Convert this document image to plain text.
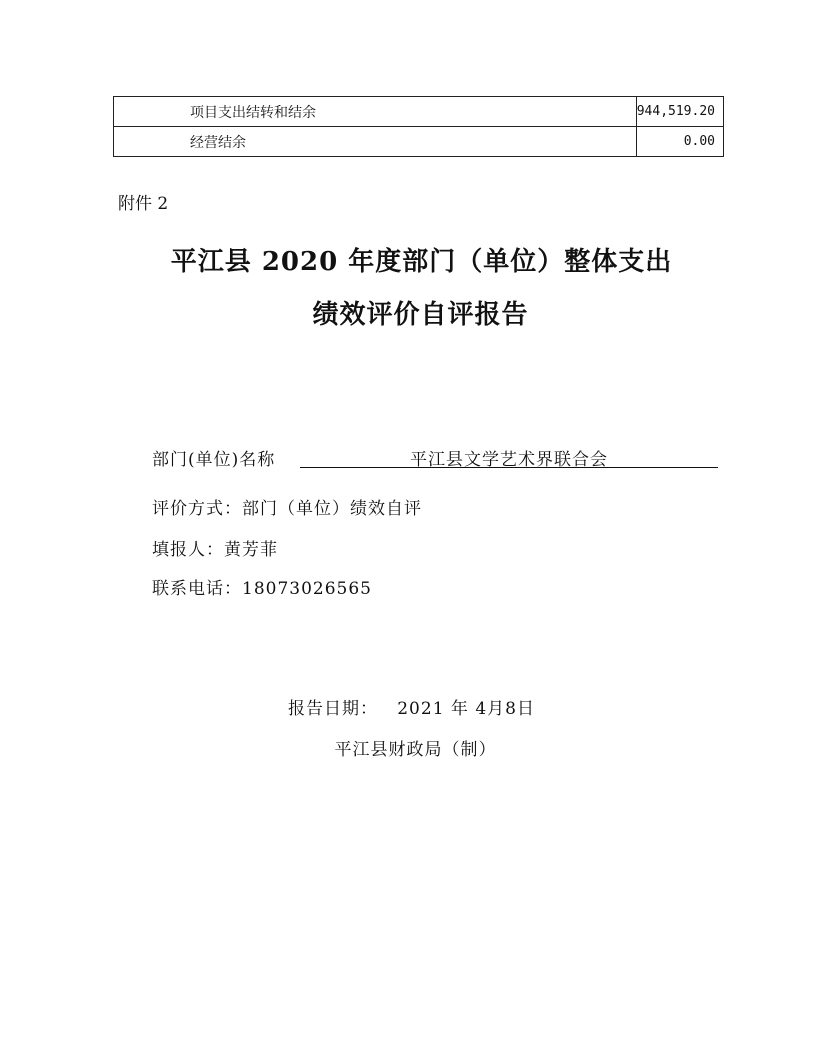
项目支出结转和结余	944,519.20
经营结余	0.00
附件 2
平江县 2020 年度部门（单位）整体支出
绩效评价自评报告
部门(单位)名称	平江县文学艺术界联合会
评价方式：部门（单位）绩效自评
填报人：黄芳菲
联系电话：18073026565
报告日期：   2021 年 4月8日
平江县财政局（制）
